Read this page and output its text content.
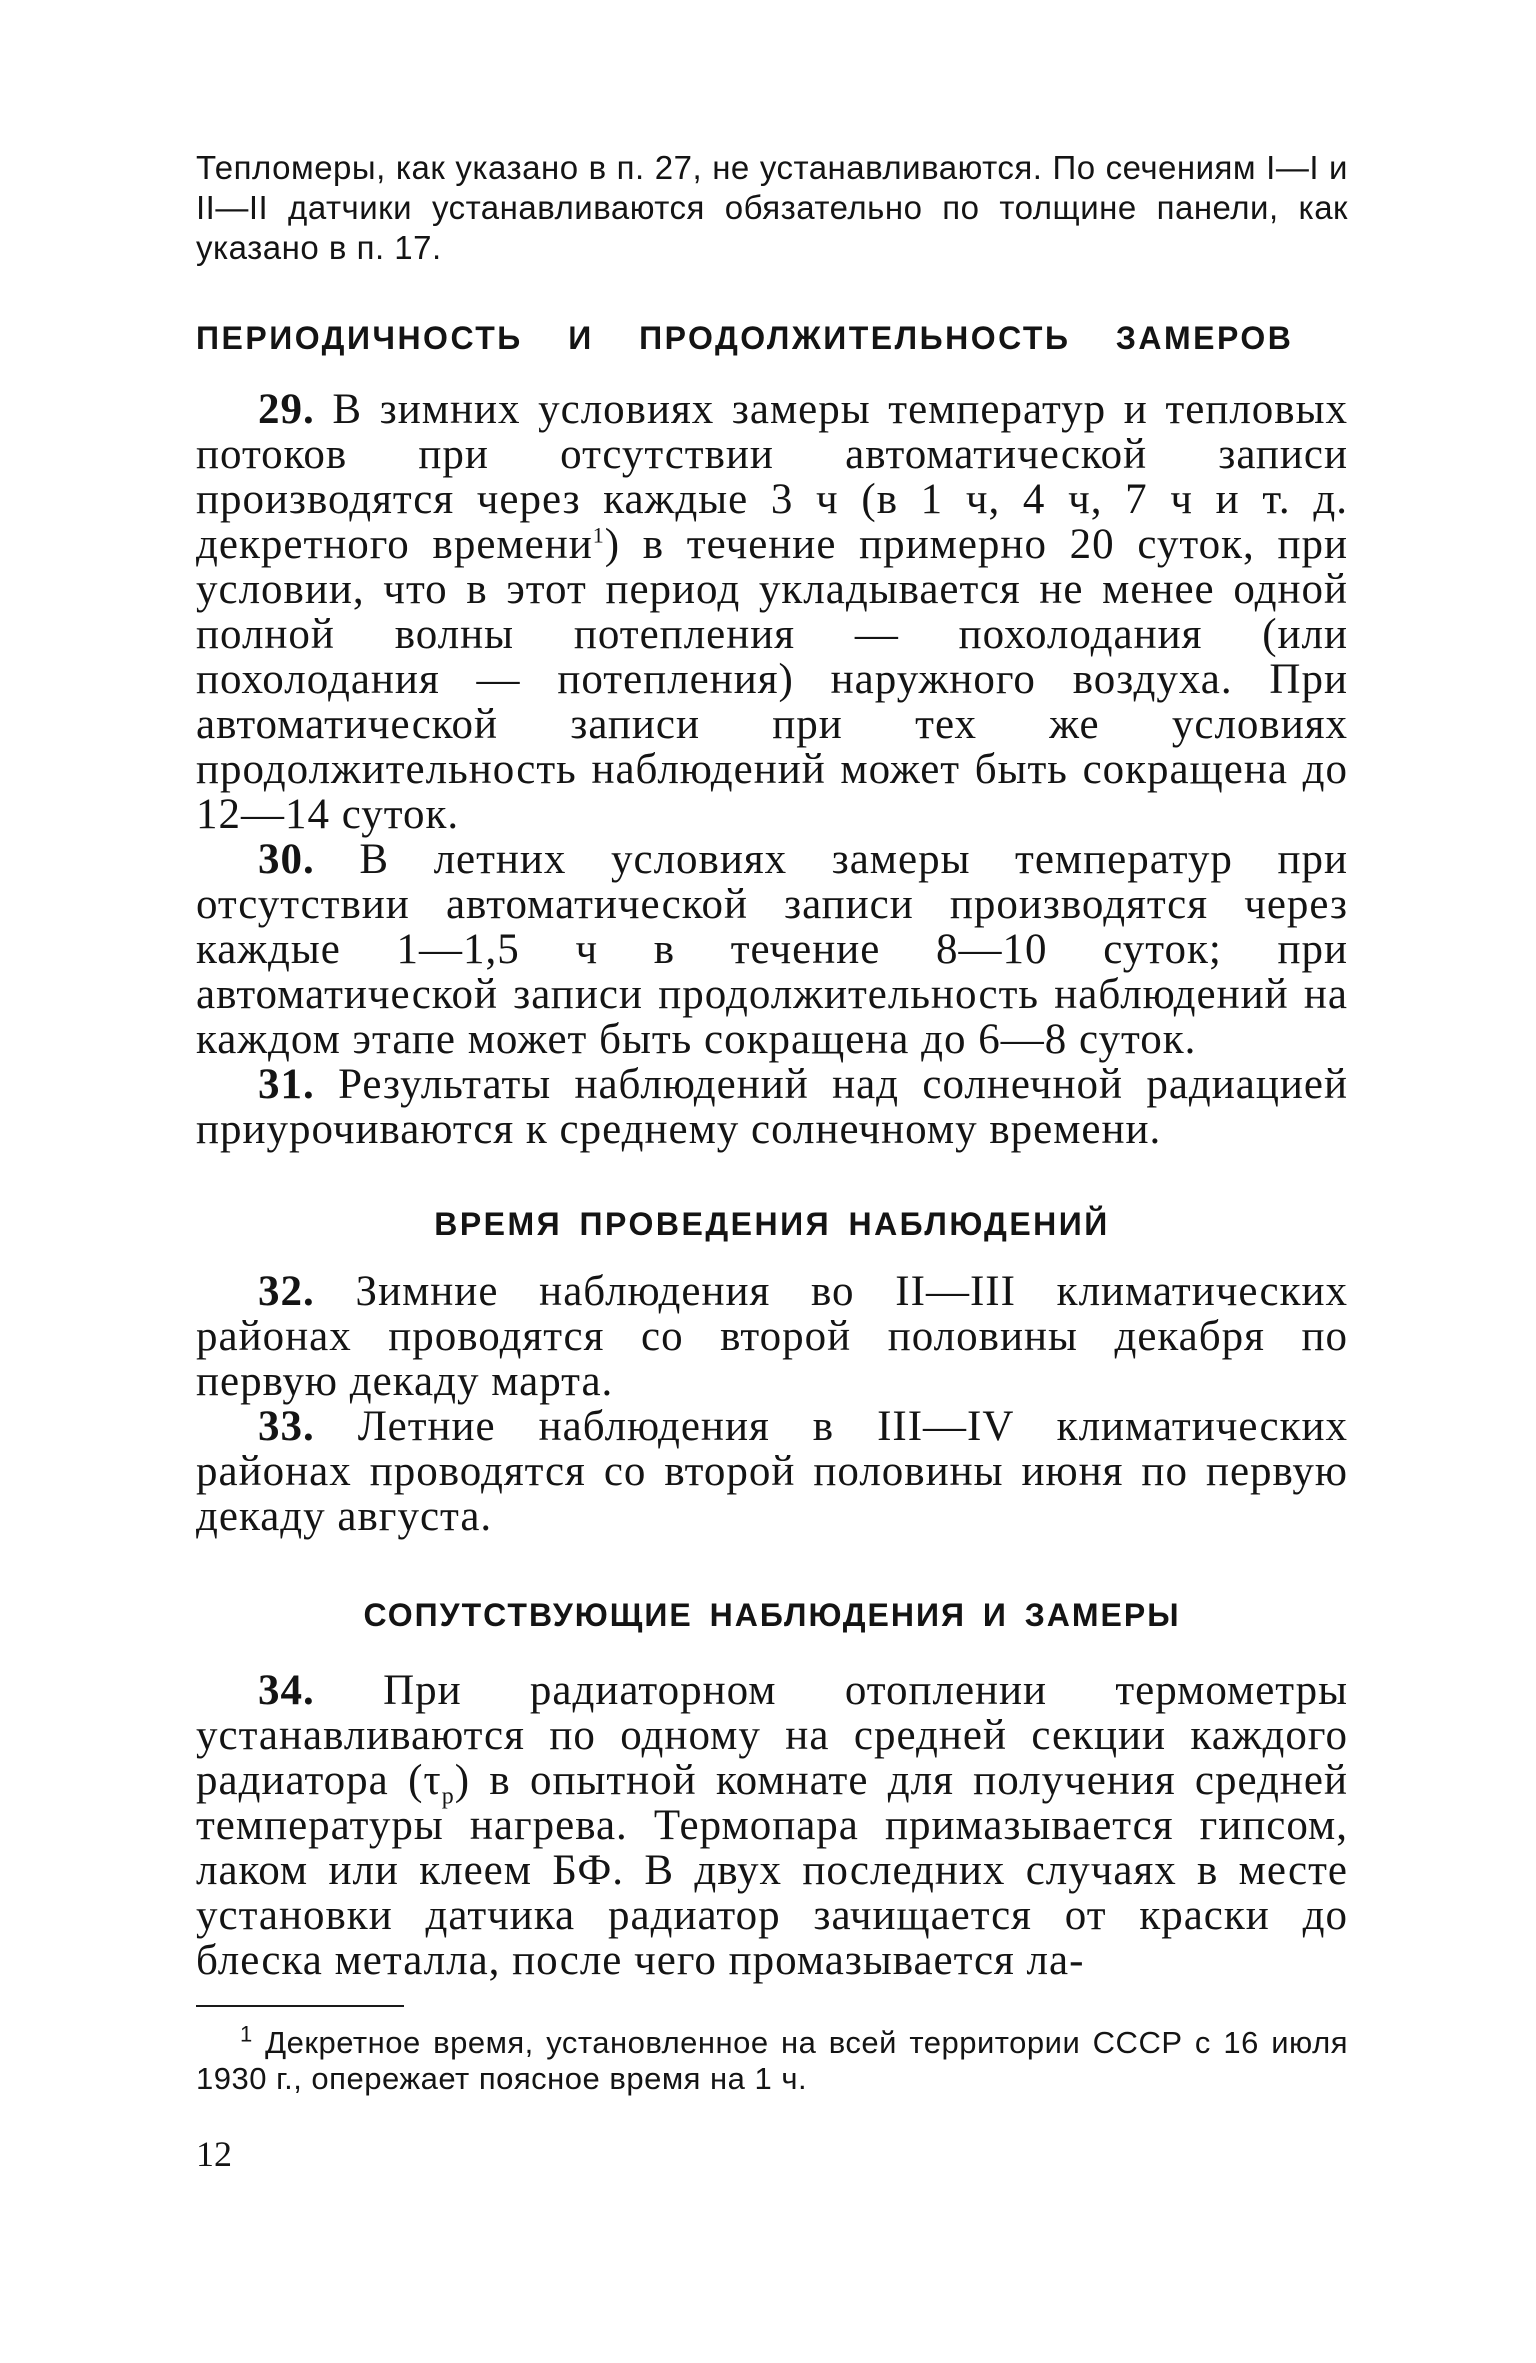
Тепломеры, как указано в п. 27, не устанавливаются. По сечениям I—I и II—II датчики устанавливаются обязательно по толщине панели, как указано в п. 17.

ПЕРИОДИЧНОСТЬ И ПРОДОЛЖИТЕЛЬНОСТЬ ЗАМЕРОВ

29. В зимних условиях замеры температур и тепловых потоков при отсутствии автоматической записи производятся через каждые 3 ч (в 1 ч, 4 ч, 7 ч и т. д. декретного времени$^1$) в течение примерно 20 суток, при условии, что в этот период укладывается не менее одной полной волны потепления — похолодания (или похолодания — потепления) наружного воздуха. При автоматической записи при тех же условиях продолжительность наблюдений может быть сокращена до 12—14 суток.

30. В летних условиях замеры температур при отсутствии автоматической записи производятся через каждые 1—1,5 ч в течение 8—10 суток; при автоматической записи продолжительность наблюдений на каждом этапе может быть сокращена до 6—8 суток.

31. Результаты наблюдений над солнечной радиацией приурочиваются к среднему солнечному времени.

ВРЕМЯ ПРОВЕДЕНИЯ НАБЛЮДЕНИЙ

32. Зимние наблюдения во II—III климатических районах проводятся со второй половины декабря по первую декаду марта.

33. Летние наблюдения в III—IV климатических районах проводятся со второй половины июня по первую декаду августа.

СОПУТСТВУЮЩИЕ НАБЛЮДЕНИЯ И ЗАМЕРЫ

34. При радиаторном отоплении термометры устанавливаются по одному на средней секции каждого радиатора $(\tau_р)$ в опытной комнате для получения средней температуры нагрева. Термопара примазывается гипсом, лаком или клеем БФ. В двух последних случаях в месте установки датчика радиатор зачищается от краски до блеска металла, после чего промазывается ла-

$^1$ Декретное время, установленное на всей территории СССР с 16 июля 1930 г., опережает поясное время на 1 ч.

12
